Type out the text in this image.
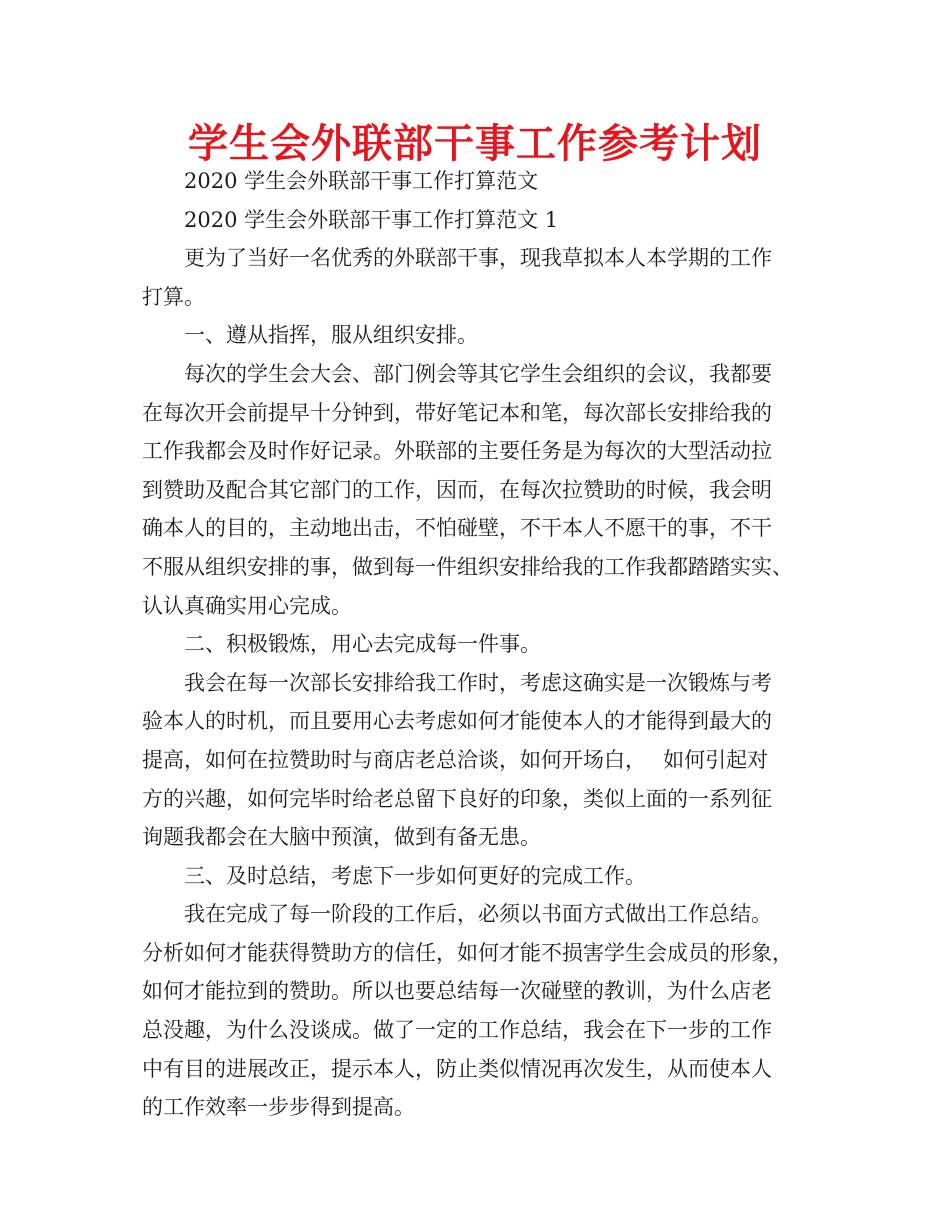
学生会外联部干事工作参考计划
2020 学生会外联部干事工作打算范文
2020 学生会外联部干事工作打算范文 1
更为了当好一名优秀的外联部干事，现我草拟本人本学期的工作
打算。
一、遵从指挥，服从组织安排。
每次的学生会大会、部门例会等其它学生会组织的会议，我都要
在每次开会前提早十分钟到，带好笔记本和笔，每次部长安排给我的
工作我都会及时作好记录。外联部的主要任务是为每次的大型活动拉
到赞助及配合其它部门的工作，因而，在每次拉赞助的时候，我会明
确本人的目的，主动地出击，不怕碰壁，不干本人不愿干的事，不干
不服从组织安排的事，做到每一件组织安排给我的工作我都踏踏实实、
认认真确实用心完成。
二、积极锻炼，用心去完成每一件事。
我会在每一次部长安排给我工作时，考虑这确实是一次锻炼与考
验本人的时机，而且要用心去考虑如何才能使本人的才能得到最大的
提高，如何在拉赞助时与商店老总洽谈，如何开场白，　 如何引起对
方的兴趣，如何完毕时给老总留下良好的印象，类似上面的一系列征
询题我都会在大脑中预演，做到有备无患。
三、及时总结，考虑下一步如何更好的完成工作。
我在完成了每一阶段的工作后，必须以书面方式做出工作总结。
分析如何才能获得赞助方的信任，如何才能不损害学生会成员的形象，
如何才能拉到的赞助。所以也要总结每一次碰壁的教训，为什么店老
总没趣，为什么没谈成。做了一定的工作总结，我会在下一步的工作
中有目的进展改正，提示本人，防止类似情况再次发生，从而使本人
的工作效率一步步得到提高。
